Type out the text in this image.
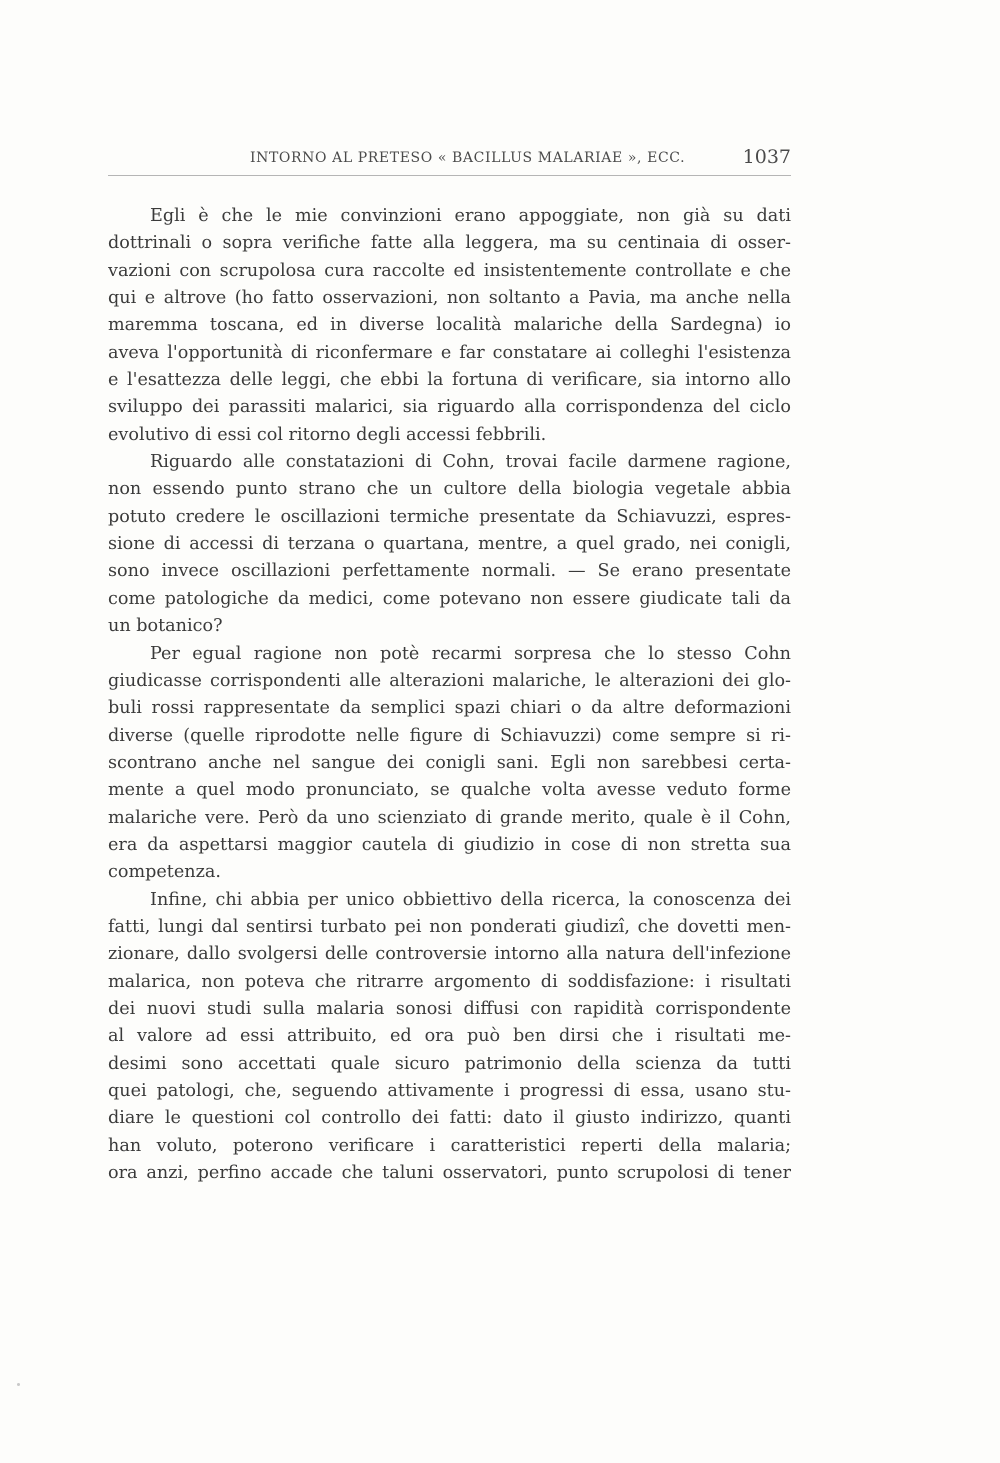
INTORNO AL PRETESO « BACILLUS MALARIAE », ECC.	1037
Egli è che le mie convinzioni erano appoggiate, non già su dati
dottrinali o sopra verifiche fatte alla leggera, ma su centinaia di osser-
vazioni con scrupolosa cura raccolte ed insistentemente controllate e che
qui e altrove (ho fatto osservazioni, non soltanto a Pavia, ma anche nella
maremma toscana, ed in diverse località malariche della Sardegna) io
aveva l'opportunità di riconfermare e far constatare ai colleghi l'esistenza
e l'esattezza delle leggi, che ebbi la fortuna di verificare, sia intorno allo
sviluppo dei parassiti malarici, sia riguardo alla corrispondenza del ciclo
evolutivo di essi col ritorno degli accessi febbrili.
Riguardo alle constatazioni di Cohn, trovai facile darmene ragione,
non essendo punto strano che un cultore della biologia vegetale abbia
potuto credere le oscillazioni termiche presentate da Schiavuzzi, espres-
sione di accessi di terzana o quartana, mentre, a quel grado, nei conigli,
sono invece oscillazioni perfettamente normali. — Se erano presentate
come patologiche da medici, come potevano non essere giudicate tali da
un botanico?
Per egual ragione non potè recarmi sorpresa che lo stesso Cohn
giudicasse corrispondenti alle alterazioni malariche, le alterazioni dei glo-
buli rossi rappresentate da semplici spazi chiari o da altre deformazioni
diverse (quelle riprodotte nelle figure di Schiavuzzi) come sempre si ri-
scontrano anche nel sangue dei conigli sani. Egli non sarebbesi certa-
mente a quel modo pronunciato, se qualche volta avesse veduto forme
malariche vere. Però da uno scienziato di grande merito, quale è il Cohn,
era da aspettarsi maggior cautela di giudizio in cose di non stretta sua
competenza.
Infine, chi abbia per unico obbiettivo della ricerca, la conoscenza dei
fatti, lungi dal sentirsi turbato pei non ponderati giudizî, che dovetti men-
zionare, dallo svolgersi delle controversie intorno alla natura dell'infezione
malarica, non poteva che ritrarre argomento di soddisfazione: i risultati
dei nuovi studi sulla malaria sonosi diffusi con rapidità corrispondente
al valore ad essi attribuito, ed ora può ben dirsi che i risultati me-
desimi sono accettati quale sicuro patrimonio della scienza da tutti
quei patologi, che, seguendo attivamente i progressi di essa, usano stu-
diare le questioni col controllo dei fatti: dato il giusto indirizzo, quanti
han voluto, poterono verificare i caratteristici reperti della malaria;
ora anzi, perfino accade che taluni osservatori, punto scrupolosi di tener
